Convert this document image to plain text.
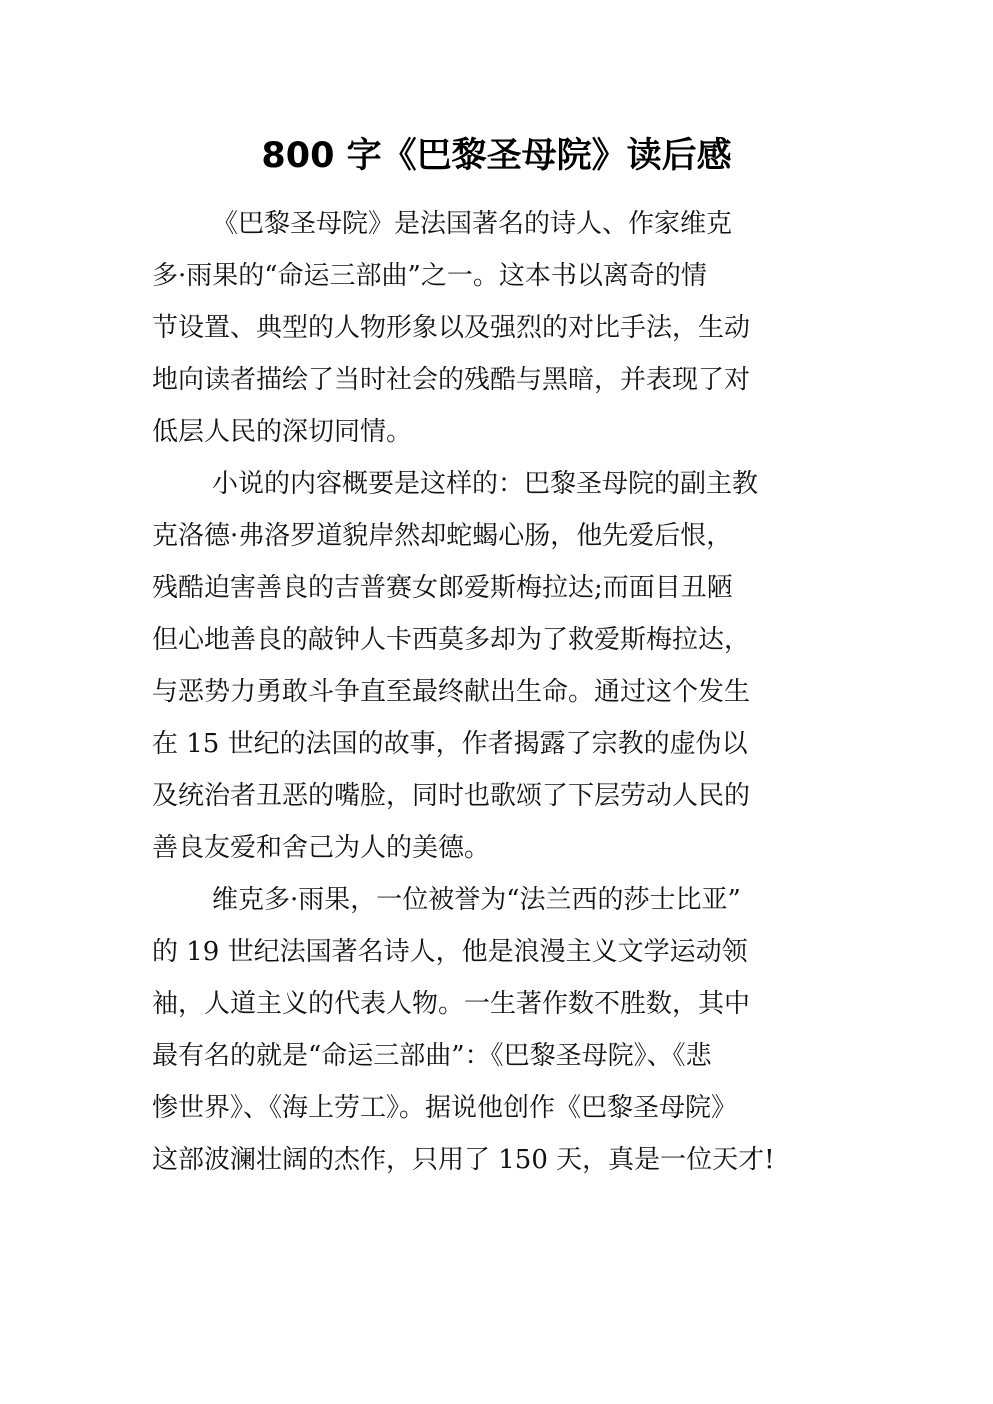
800 字《巴黎圣母院》读后感
《巴黎圣母院》是法国著名的诗人、作家维克
多·雨果的“命运三部曲”之一。这本书以离奇的情
节设置、典型的人物形象以及强烈的对比手法，生动
地向读者描绘了当时社会的残酷与黑暗，并表现了对
低层人民的深切同情。
小说的内容概要是这样的：巴黎圣母院的副主教
克洛德·弗洛罗道貌岸然却蛇蝎心肠，他先爱后恨，
残酷迫害善良的吉普赛女郎爱斯梅拉达;而面目丑陋
但心地善良的敲钟人卡西莫多却为了救爱斯梅拉达，
与恶势力勇敢斗争直至最终献出生命。通过这个发生
在 15 世纪的法国的故事，作者揭露了宗教的虚伪以
及统治者丑恶的嘴脸，同时也歌颂了下层劳动人民的
善良友爱和舍己为人的美德。
维克多·雨果，一位被誉为“法兰西的莎士比亚”
的 19 世纪法国著名诗人，他是浪漫主义文学运动领
袖，人道主义的代表人物。一生著作数不胜数，其中
最有名的就是“命运三部曲”：《巴黎圣母院》、《悲
惨世界》、《海上劳工》。据说他创作《巴黎圣母院》
这部波澜壮阔的杰作，只用了 150 天，真是一位天才!
